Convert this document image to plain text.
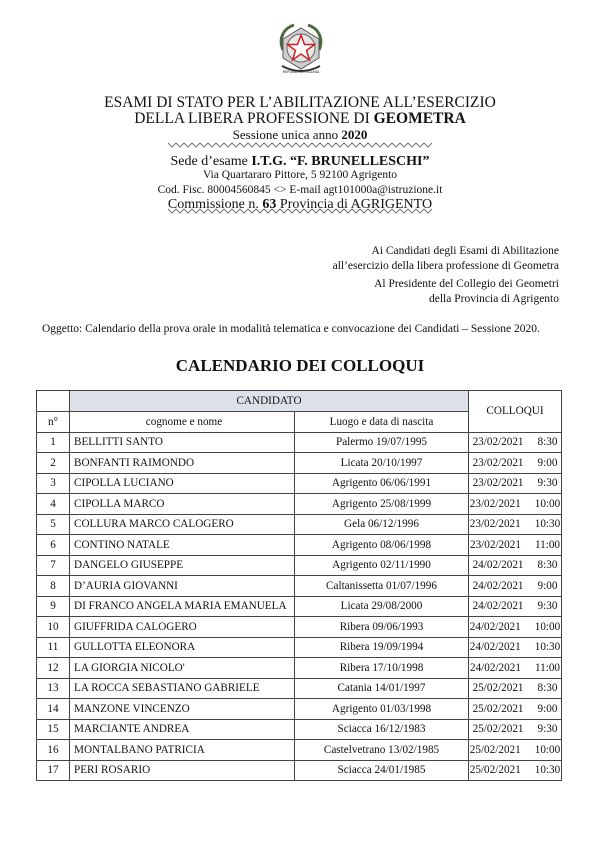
REPUBBLICA ITALIANA
ESAMI DI STATO PER L’ABILITAZIONE ALL’ESERCIZIO
DELLA LIBERA PROFESSIONE DI GEOMETRA
Sessione unica anno 2020
Sede d’esame I.T.G. “F. BRUNELLESCHI”
Via Quartararo Pittore, 5 92100 Agrigento
Cod. Fisc. 80004560845 <> E-mail agt101000a@istruzione.it
Commissione n. 63 Provincia di AGRIGENTO
Ai Candidati degli Esami di Abilitazione
all’esercizio della libera professione di Geometra
Al Presidente del Collegio dei Geometri
della Provincia di Agrigento
Oggetto: Calendario della prova orale in modalità telematica e convocazione dei Candidati – Sessione 2020.
CALENDARIO DEI COLLOQUI
	CANDIDATO		COLLOQUI
n°	cognome e nome	Luogo e data di nascita	
1	BELLITTI SANTO	Palermo 19/07/1995	23/02/2021 8:30
2	BONFANTI RAIMONDO	Licata 20/10/1997	23/02/2021 9:00
3	CIPOLLA LUCIANO	Agrigento 06/06/1991	23/02/2021 9:30
4	CIPOLLA MARCO	Agrigento 25/08/1999	23/02/2021 10:00
5	COLLURA MARCO CALOGERO	Gela 06/12/1996	23/02/2021 10:30
6	CONTINO NATALE	Agrigento 08/06/1998	23/02/2021 11:00
7	DANGELO GIUSEPPE	Agrigento 02/11/1990	24/02/2021 8:30
8	D’AURIA GIOVANNI	Caltanissetta 01/07/1996	24/02/2021 9:00
9	DI FRANCO ANGELA MARIA EMANUELA	Licata 29/08/2000	24/02/2021 9:30
10	GIUFFRIDA CALOGERO	Ribera 09/06/1993	24/02/2021 10:00
11	GULLOTTA ELEONORA	Ribera 19/09/1994	24/02/2021 10:30
12	LA GIORGIA NICOLO'	Ribera 17/10/1998	24/02/2021 11:00
13	LA ROCCA SEBASTIANO GABRIELE	Catania 14/01/1997	25/02/2021 8:30
14	MANZONE VINCENZO	Agrigento 01/03/1998	25/02/2021 9:00
15	MARCIANTE ANDREA	Sciacca 16/12/1983	25/02/2021 9:30
16	MONTALBANO PATRICIA	Castelvetrano 13/02/1985	25/02/2021 10:00
17	PERI ROSARIO	Sciacca 24/01/1985	25/02/2021 10:30
